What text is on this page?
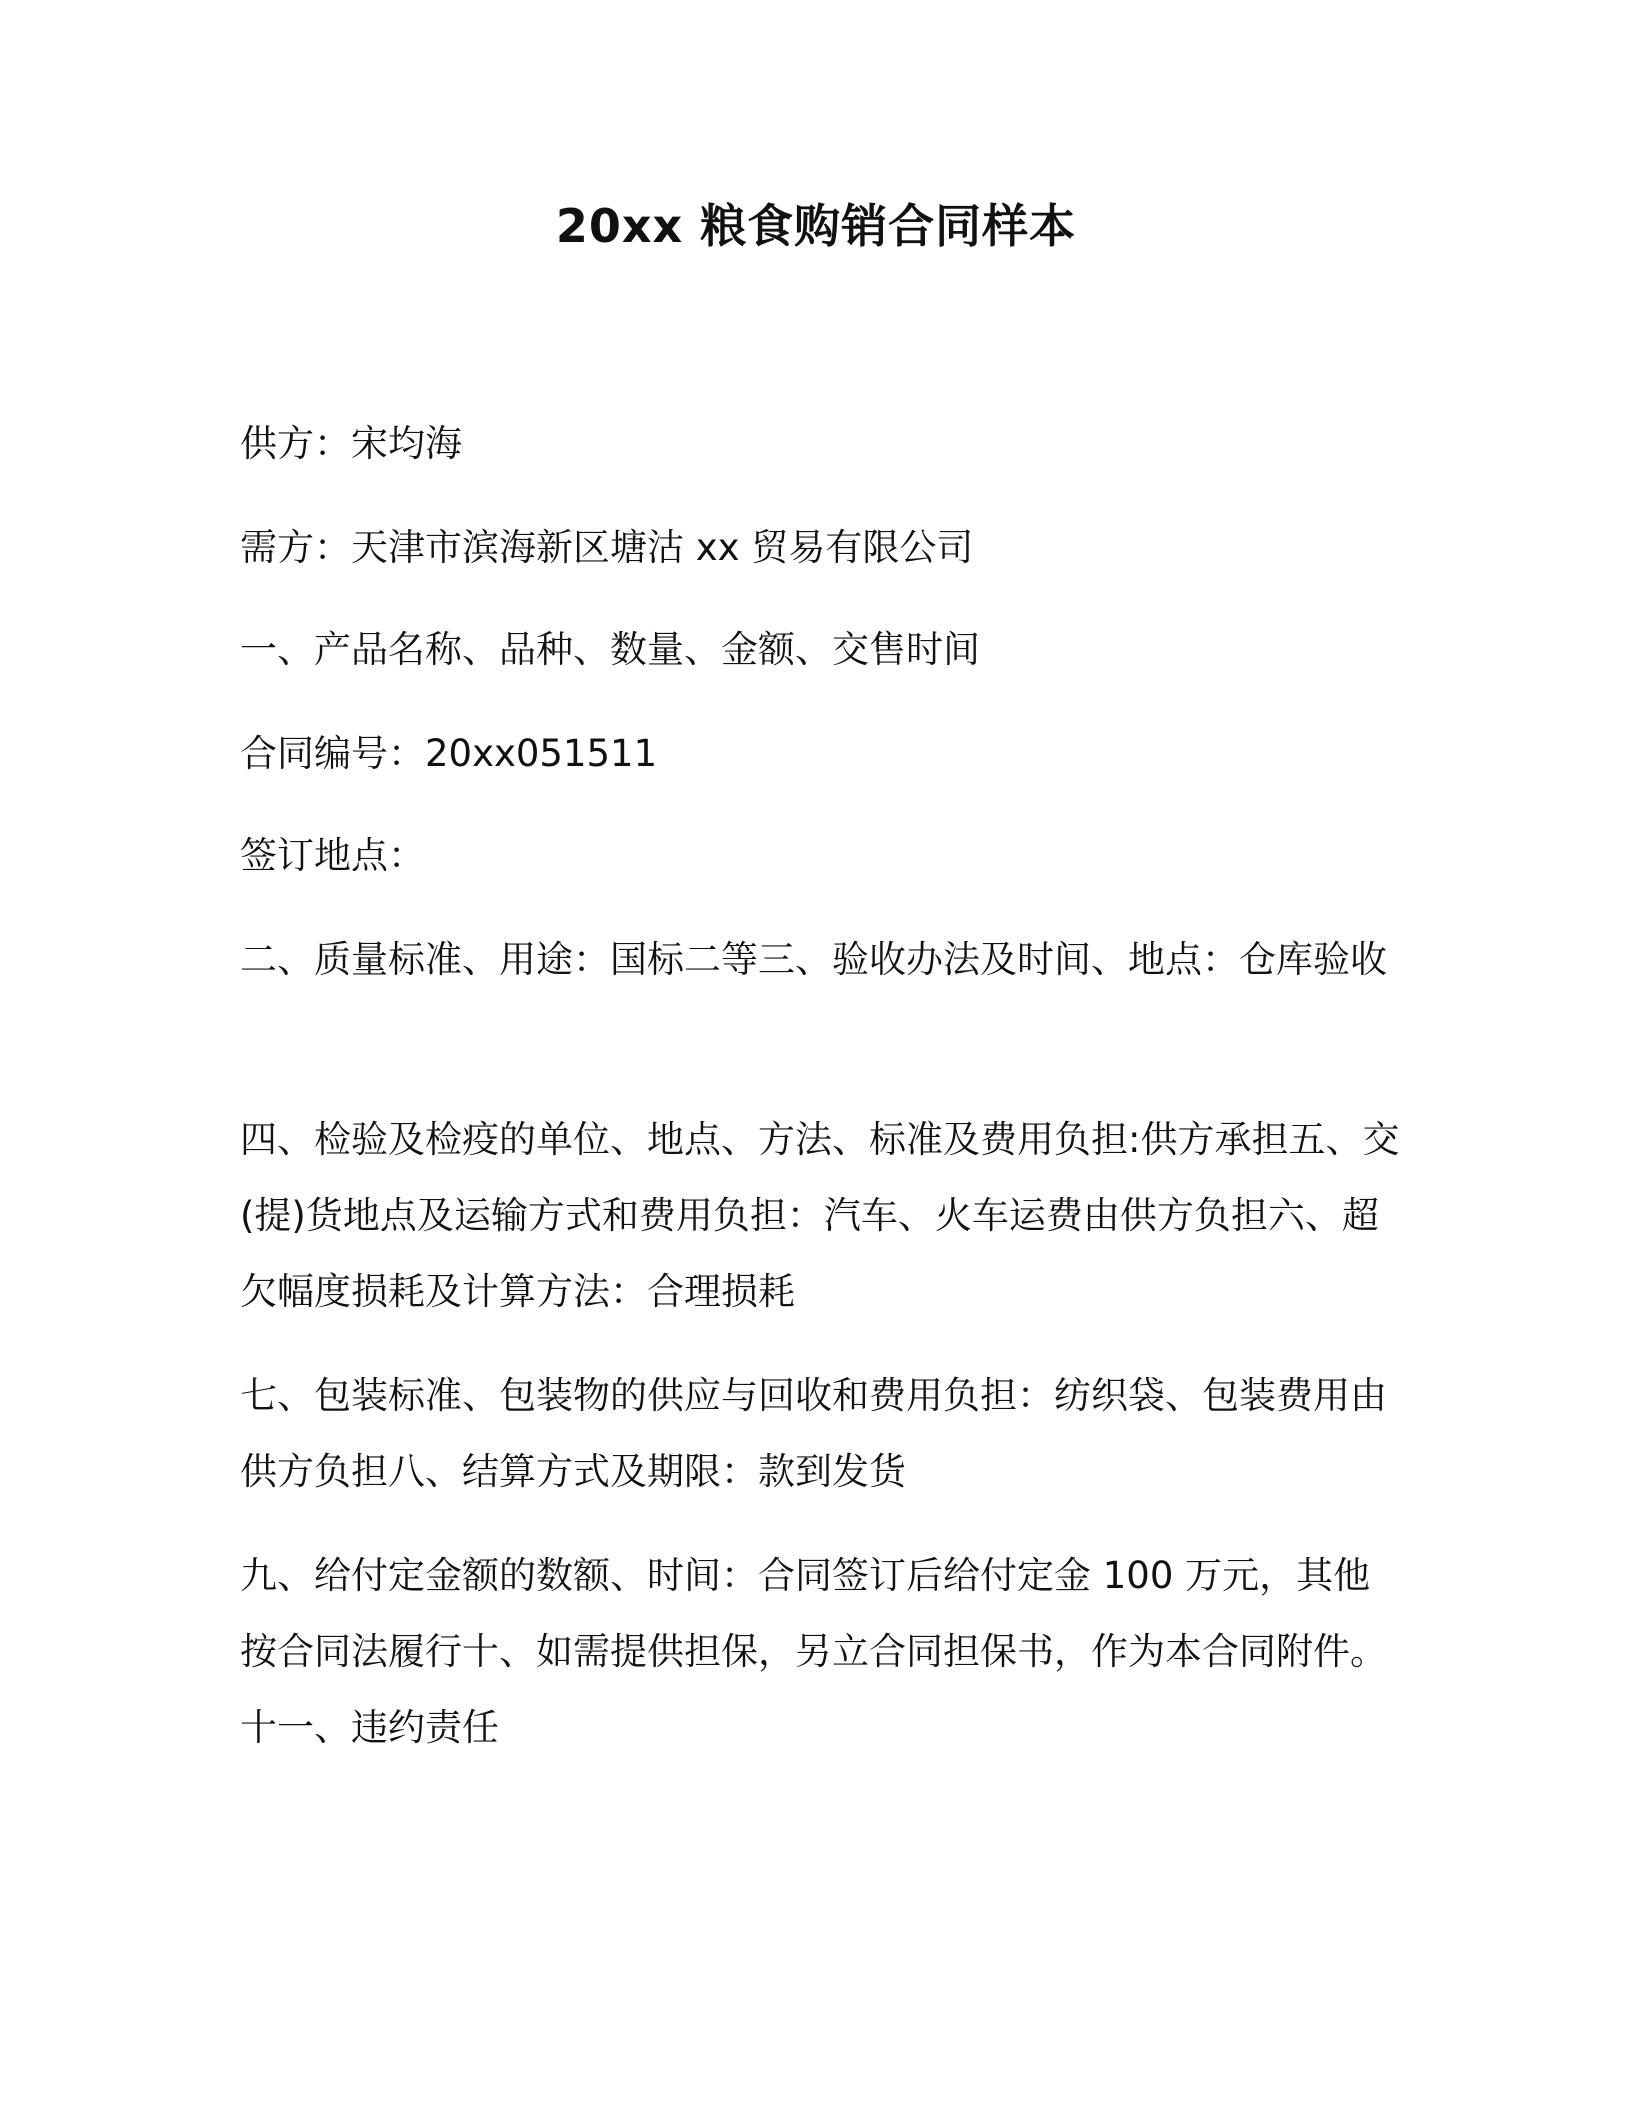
20xx 粮食购销合同样本

供方：宋均海

需方：天津市滨海新区塘沽 xx 贸易有限公司

一、产品名称、品种、数量、金额、交售时间

合同编号：20xx051511

签订地点：

二、质量标准、用途：国标二等三、验收办法及时间、地点：仓库验收

四、检验及检疫的单位、地点、方法、标准及费用负担:供方承担五、交(提)货地点及运输方式和费用负担：汽车、火车运费由供方负担六、超欠幅度损耗及计算方法：合理损耗

七、包装标准、包装物的供应与回收和费用负担：纺织袋、包装费用由供方负担八、结算方式及期限：款到发货

九、给付定金额的数额、时间：合同签订后给付定金 100 万元，其他按合同法履行十、如需提供担保，另立合同担保书，作为本合同附件。十一、违约责任
